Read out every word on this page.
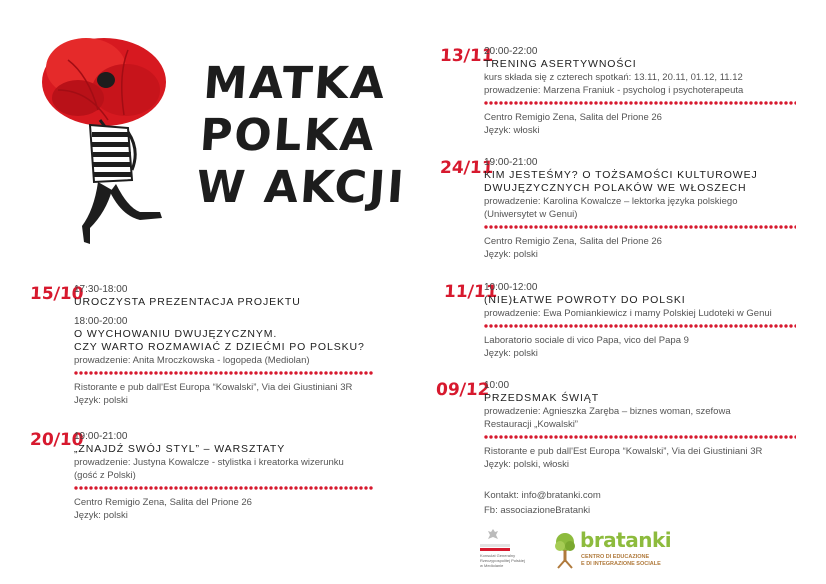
MATKA
POLKA
W AKCJI
15/10
17:30-18:00
UROCZYSTA PREZENTACJA PROJEKTU
18:00-20:00
O WYCHOWANIU DWUJĘZYCZNYM.
CZY WARTO ROZMAWIAĆ Z DZIEĆMI PO POLSKU?
prowadzenie: Anita Mroczkowska - logopeda (Mediolan)
Ristorante e pub dall'Est Europa “Kowalski”, Via dei Giustiniani 3R
Język: polski
20/10
19:00-21:00
„ZNAJDŹ SWÓJ STYL” – WARSZTATY
prowadzenie: Justyna Kowalcze - stylistka i kreatorka wizerunku
(gość z Polski)
Centro Remigio Zena, Salita del Prione 26
Język: polski
13/11
20:00-22:00
TRENING ASERTYWNOŚCI
kurs składa się z czterech spotkań: 13.11, 20.11, 01.12, 11.12
prowadzenie: Marzena Franiuk - psycholog i psychoterapeuta
Centro Remigio Zena, Salita del Prione 26
Język: włoski
24/11
19:00-21:00
KIM JESTEŚMY? O TOŻSAMOŚCI KULTUROWEJ
DWUJĘZYCZNYCH POLAKÓW WE WŁOSZECH
prowadzenie: Karolina Kowalcze – lektorka języka polskiego
(Uniwersytet w Genui)
Centro Remigio Zena, Salita del Prione 26
Język: polski
11/11
10:00-12:00
(NIE)ŁATWE POWROTY DO POLSKI
prowadzenie: Ewa Pomiankiewicz i mamy Polskiej Ludoteki w Genui
Laboratorio sociale di vico Papa, vico del Papa 9
Język: polski
09/12
10:00
PRZEDSMAK ŚWIĄT
prowadzenie: Agnieszka Zaręba – biznes woman, szefowa
Restauracji „Kowalski”
Ristorante e pub dall'Est Europa “Kowalski”, Via dei Giustiniani 3R
Język: polski, włoski
Kontakt: info@bratanki.com
Fb: associazioneBratanki
Konsulat Generalny
Rzeczypospolitej Polskiej
w Mediolanie
bratanki
CENTRO DI EDUCAZIONE
E DI INTEGRAZIONE SOCIALE
